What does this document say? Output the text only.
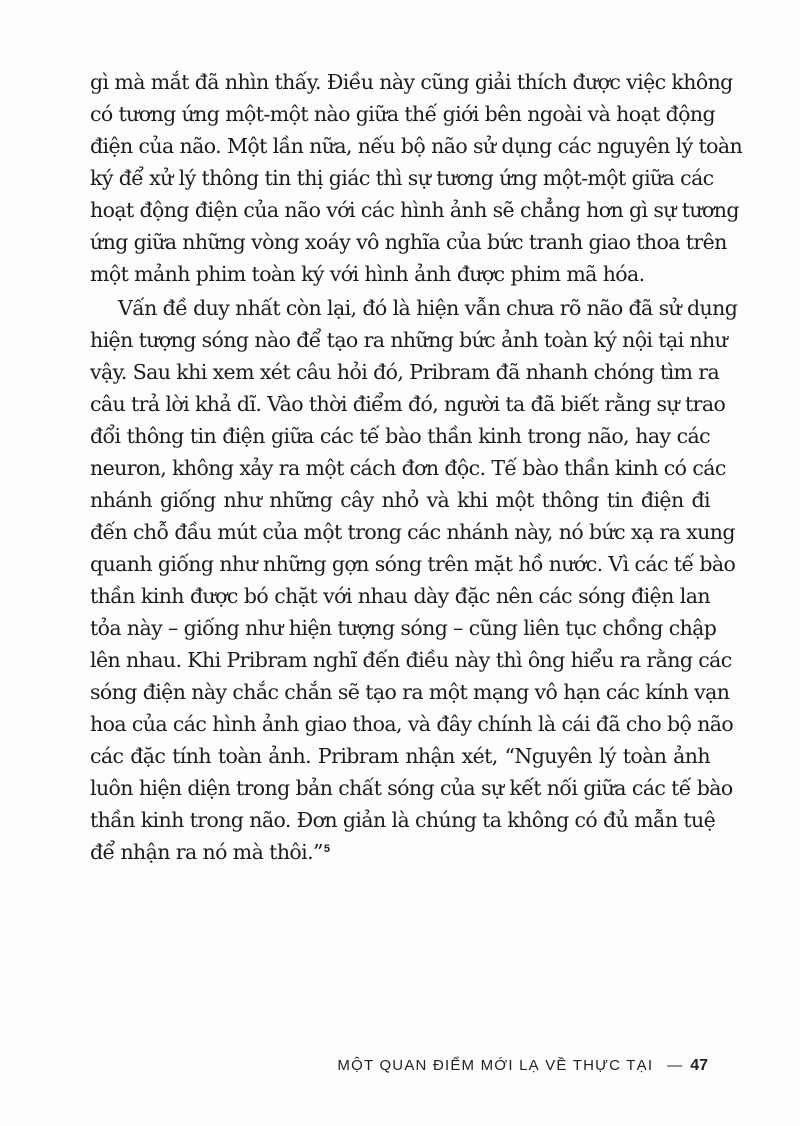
gì mà mắt đã nhìn thấy. Điều này cũng giải thích được việc không
có tương ứng một-một nào giữa thế giới bên ngoài và hoạt động
điện của não. Một lần nữa, nếu bộ não sử dụng các nguyên lý toàn
ký để xử lý thông tin thị giác thì sự tương ứng một-một giữa các
hoạt động điện của não với các hình ảnh sẽ chẳng hơn gì sự tương
ứng giữa những vòng xoáy vô nghĩa của bức tranh giao thoa trên
một mảnh phim toàn ký với hình ảnh được phim mã hóa.
Vấn đề duy nhất còn lại, đó là hiện vẫn chưa rõ não đã sử dụng
hiện tượng sóng nào để tạo ra những bức ảnh toàn ký nội tại như
vậy. Sau khi xem xét câu hỏi đó, Pribram đã nhanh chóng tìm ra
câu trả lời khả dĩ. Vào thời điểm đó, người ta đã biết rằng sự trao
đổi thông tin điện giữa các tế bào thần kinh trong não, hay các
neuron, không xảy ra một cách đơn độc. Tế bào thần kinh có các
nhánh giống như những cây nhỏ và khi một thông tin điện đi
đến chỗ đầu mút của một trong các nhánh này, nó bức xạ ra xung
quanh giống như những gợn sóng trên mặt hồ nước. Vì các tế bào
thần kinh được bó chặt với nhau dày đặc nên các sóng điện lan
tỏa này – giống như hiện tượng sóng – cũng liên tục chồng chập
lên nhau. Khi Pribram nghĩ đến điều này thì ông hiểu ra rằng các
sóng điện này chắc chắn sẽ tạo ra một mạng vô hạn các kính vạn
hoa của các hình ảnh giao thoa, và đây chính là cái đã cho bộ não
các đặc tính toàn ảnh. Pribram nhận xét, “Nguyên lý toàn ảnh
luôn hiện diện trong bản chất sóng của sự kết nối giữa các tế bào
thần kinh trong não. Đơn giản là chúng ta không có đủ mẫn tuệ
để nhận ra nó mà thôi.”$^5$
MỘT QUAN ĐIỂM MỚI LẠ VỀ THỰC TẠI — 47
